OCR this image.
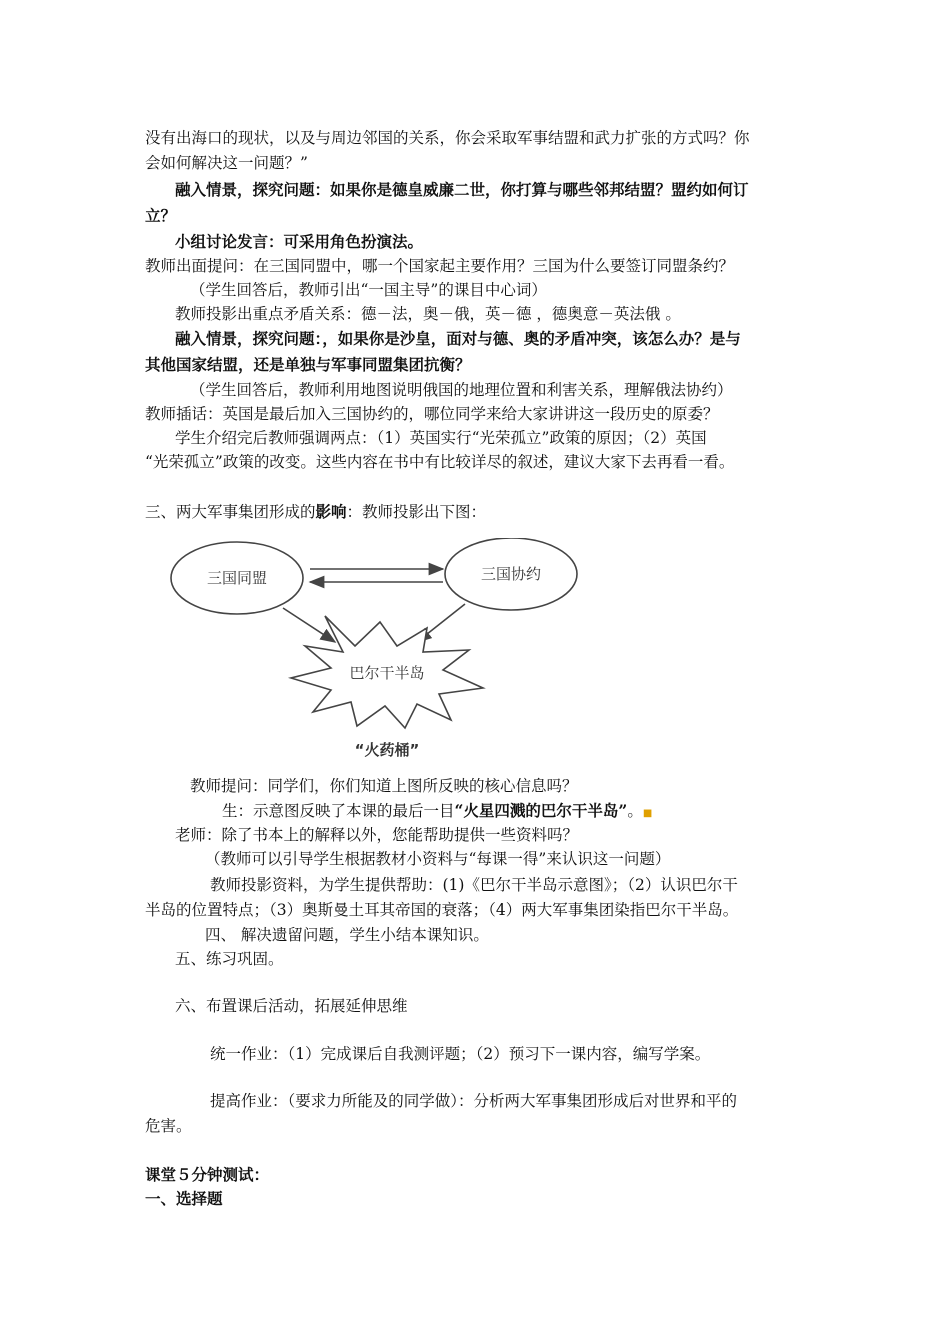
没有出海口的现状，以及与周边邻国的关系，你会采取军事结盟和武力扩张的方式吗？你
会如何解决这一问题？”
融入情景，探究问题：如果你是德皇威廉二世，你打算与哪些邻邦结盟？盟约如何订
立？
小组讨论发言：可采用角色扮演法。
教师出面提问：在三国同盟中，哪一个国家起主要作用？三国为什么要签订同盟条约？
（学生回答后，教师引出“一国主导”的课目中心词）
教师投影出重点矛盾关系：德－法，奥－俄，英－德 ，德奥意－英法俄 。
融入情景，探究问题：，如果你是沙皇，面对与德、奥的矛盾冲突，该怎么办？是与
其他国家结盟，还是单独与军事同盟集团抗衡？
（学生回答后，教师利用地图说明俄国的地理位置和利害关系，理解俄法协约）
教师插话：英国是最后加入三国协约的，哪位同学来给大家讲讲这一段历史的原委？
学生介绍完后教师强调两点：（1）英国实行“光荣孤立”政策的原因；（2）英国
“光荣孤立”政策的改变。这些内容在书中有比较详尽的叙述，建议大家下去再看一看。
三、两大军事集团形成的影响：教师投影出下图：
三国同盟	三国协约
巴尔干半岛
“火药桶”
教师提问：同学们，你们知道上图所反映的核心信息吗？
生：示意图反映了本课的最后一目“火星四溅的巴尔干半岛”。■
老师：除了书本上的解释以外，您能帮助提供一些资料吗？
（教师可以引导学生根据教材小资料与“每课一得”来认识这一问题）
教师投影资料，为学生提供帮助：(1)《巴尔干半岛示意图》；（2）认识巴尔干
半岛的位置特点；（3）奥斯曼土耳其帝国的衰落；（4）两大军事集团染指巴尔干半岛。
四、 解决遗留问题，学生小结本课知识。
五、练习巩固。
六、布置课后活动，拓展延伸思维
统一作业：（1）完成课后自我测评题；（2）预习下一课内容，编写学案。
提高作业：（要求力所能及的同学做）：分析两大军事集团形成后对世界和平的
危害。
课堂５分钟测试：
一、选择题
